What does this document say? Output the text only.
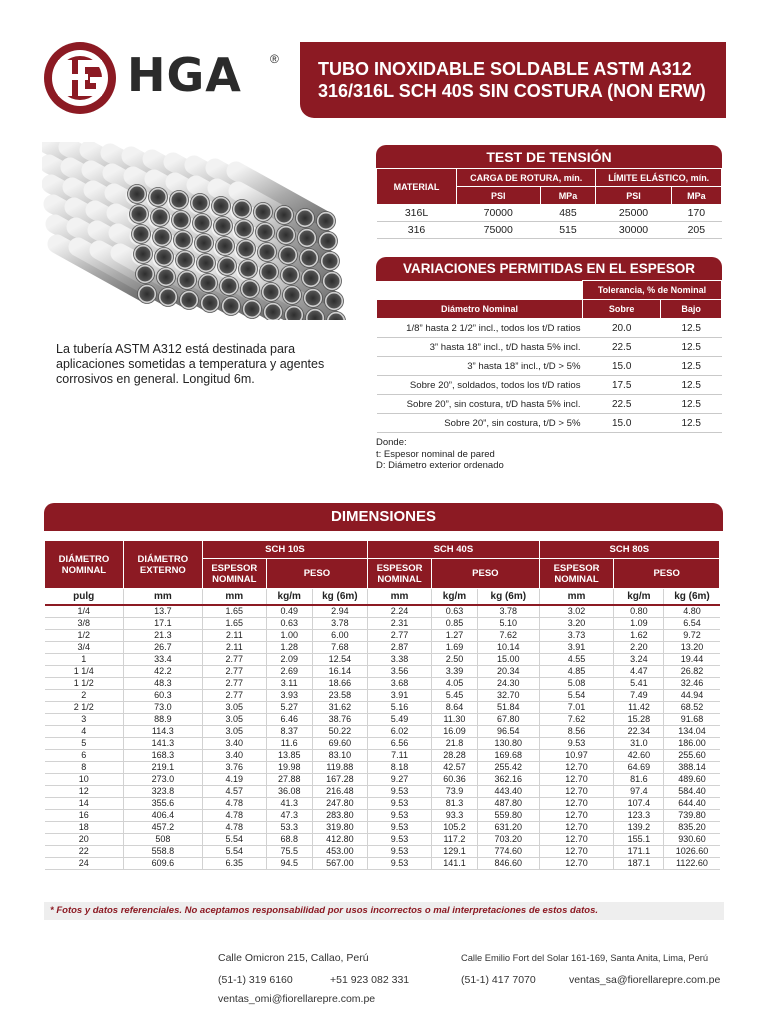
HGA ® TUBO INOXIDABLE SOLDABLE ASTM A312
316/316L SCH 40S SIN COSTURA (NON ERW)
La tubería ASTM A312 está destinada para aplicaciones sometidas a temperatura y agentes corrosivos en general. Longitud 6m.
TEST DE TENSIÓN
MATERIAL	CARGA DE ROTURA, mín.		LÍMITE ELÁSTICO, mín.	
	PSI	MPa	PSI	MPa
316L	70000	485	25000	170
316	75000	515	30000	205
VARIACIONES PERMITIDAS EN EL ESPESOR
	Tolerancia, % de Nominal	
Diámetro Nominal	Sobre	Bajo
1/8” hasta 2 1/2” incl., todos los t/D ratios	20.0	12.5
3” hasta 18” incl., t/D hasta 5% incl.	22.5	12.5
3” hasta 18” incl., t/D > 5%	15.0	12.5
Sobre 20”, soldados, todos los t/D ratios	17.5	12.5
Sobre 20”, sin costura, t/D hasta 5% incl.	22.5	12.5
Sobre 20”, sin costura, t/D > 5%	15.0	12.5
Donde:
t: Espesor nominal de pared
D: Diámetro exterior ordenado
DIMENSIONES
DIÁMETRO NOMINAL	DIÁMETRO EXTERNO	SCH 10S			SCH 40S			SCH 80S		
		ESPESOR NOMINAL	PESO		ESPESOR NOMINAL	PESO		ESPESOR NOMINAL	PESO	
pulg	mm	mm	kg/m	kg (6m)	mm	kg/m	kg (6m)	mm	kg/m	kg (6m)
1/4	13.7	1.65	0.49	2.94	2.24	0.63	3.78	3.02	0.80	4.80
3/8	17.1	1.65	0.63	3.78	2.31	0.85	5.10	3.20	1.09	6.54
1/2	21.3	2.11	1.00	6.00	2.77	1.27	7.62	3.73	1.62	9.72
3/4	26.7	2.11	1.28	7.68	2.87	1.69	10.14	3.91	2.20	13.20
1	33.4	2.77	2.09	12.54	3.38	2.50	15.00	4.55	3.24	19.44
1 1/4	42.2	2.77	2.69	16.14	3.56	3.39	20.34	4.85	4.47	26.82
1 1/2	48.3	2.77	3.11	18.66	3.68	4.05	24.30	5.08	5.41	32.46
2	60.3	2.77	3.93	23.58	3.91	5.45	32.70	5.54	7.49	44.94
2 1/2	73.0	3.05	5.27	31.62	5.16	8.64	51.84	7.01	11.42	68.52
3	88.9	3.05	6.46	38.76	5.49	11.30	67.80	7.62	15.28	91.68
4	114.3	3.05	8.37	50.22	6.02	16.09	96.54	8.56	22.34	134.04
5	141.3	3.40	11.6	69.60	6.56	21.8	130.80	9.53	31.0	186.00
6	168.3	3.40	13.85	83.10	7.11	28.28	169.68	10.97	42.60	255.60
8	219.1	3.76	19.98	119.88	8.18	42.57	255.42	12.70	64.69	388.14
10	273.0	4.19	27.88	167.28	9.27	60.36	362.16	12.70	81.6	489.60
12	323.8	4.57	36.08	216.48	9.53	73.9	443.40	12.70	97.4	584.40
14	355.6	4.78	41.3	247.80	9.53	81.3	487.80	12.70	107.4	644.40
16	406.4	4.78	47.3	283.80	9.53	93.3	559.80	12.70	123.3	739.80
18	457.2	4.78	53.3	319.80	9.53	105.2	631.20	12.70	139.2	835.20
20	508	5.54	68.8	412.80	9.53	117.2	703.20	12.70	155.1	930.60
22	558.8	5.54	75.5	453.00	9.53	129.1	774.60	12.70	171.1	1026.60
24	609.6	6.35	94.5	567.00	9.53	141.1	846.60	12.70	187.1	1122.60
* Fotos y datos referenciales. No aceptamos responsabilidad por usos incorrectos o mal interpretaciones de estos datos.
Calle Omicron 215, Callao, Perú
(51-1) 319 6160	+51 923 082 331
ventas_omi@fiorellarepre.com.pe
Calle Emilio Fort del Solar 161-169, Santa Anita, Lima, Perú
(51-1) 417 7070	ventas_sa@fiorellarepre.com.pe
